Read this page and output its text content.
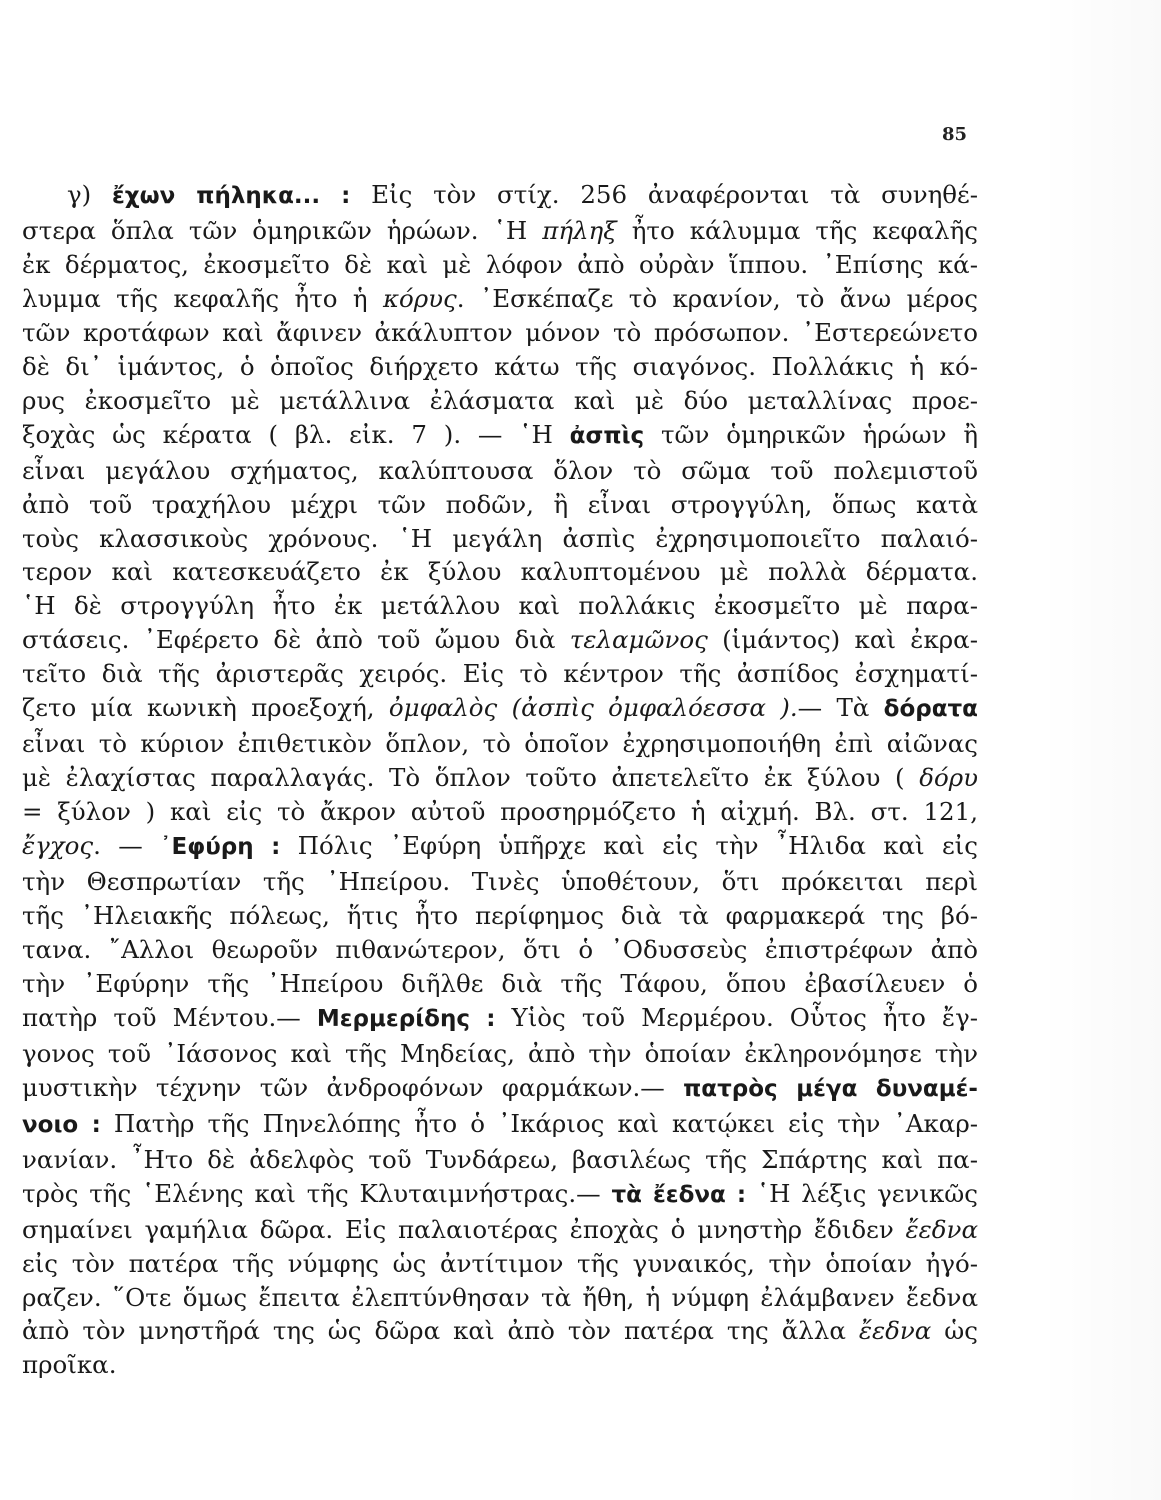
85
γ) ἔχων πήληκα... : Εἰς τὸν στίχ. 256 ἀναφέρονται τὰ συνηθέ-
στερα ὅπλα τῶν ὁμηρικῶν ἡρώων. ῾Η πήληξ ἦτο κάλυμμα τῆς κεφαλῆς
ἐκ δέρματος, ἐκοσμεῖτο δὲ καὶ μὲ λόφον ἀπὸ οὐρὰν ἵππου. ᾿Επίσης κά-
λυμμα τῆς κεφαλῆς ἦτο ἡ κόρυς. ᾿Εσκέπαζε τὸ κρανίον, τὸ ἄνω μέρος
τῶν κροτάφων καὶ ἄφινεν ἀκάλυπτον μόνον τὸ πρόσωπον. ᾿Εστερεώνετο
δὲ δι᾿ ἱμάντος, ὁ ὁποῖος διήρχετο κάτω τῆς σιαγόνος. Πολλάκις ἡ κό-
ρυς ἐκοσμεῖτο μὲ μετάλλινα ἐλάσματα καὶ μὲ δύο μεταλλίνας προε-
ξοχὰς ὡς κέρατα ( βλ. εἰκ. 7 ). — ῾Η ἀσπὶς τῶν ὁμηρικῶν ἡρώων ἢ
εἶναι μεγάλου σχήματος, καλύπτουσα ὅλον τὸ σῶμα τοῦ πολεμιστοῦ
ἀπὸ τοῦ τραχήλου μέχρι τῶν ποδῶν, ἢ εἶναι στρογγύλη, ὅπως κατὰ
τοὺς κλασσικοὺς χρόνους. ῾Η μεγάλη ἀσπὶς ἐχρησιμοποιεῖτο παλαιό-
τερον καὶ κατεσκευάζετο ἐκ ξύλου καλυπτομένου μὲ πολλὰ δέρματα.
῾Η δὲ στρογγύλη ἦτο ἐκ μετάλλου καὶ πολλάκις ἐκοσμεῖτο μὲ παρα-
στάσεις. ᾿Εφέρετο δὲ ἀπὸ τοῦ ὤμου διὰ τελαμῶνος (ἱμάντος) καὶ ἐκρα-
τεῖτο διὰ τῆς ἀριστερᾶς χειρός. Εἰς τὸ κέντρον τῆς ἀσπίδος ἐσχηματί-
ζετο μία κωνικὴ προεξοχή, ὀμφαλὸς (ἀσπὶς ὀμφαλόεσσα ).— Τὰ δόρατα
εἶναι τὸ κύριον ἐπιθετικὸν ὅπλον, τὸ ὁποῖον ἐχρησιμοποιήθη ἐπὶ αἰῶνας
μὲ ἐλαχίστας παραλλαγάς. Τὸ ὅπλον τοῦτο ἀπετελεῖτο ἐκ ξύλου ( δόρυ
= ξύλον ) καὶ εἰς τὸ ἄκρον αὐτοῦ προσηρμόζετο ἡ αἰχμή. Βλ. στ. 121,
ἔγχος. — ᾿Εφύρη : Πόλις ᾿Εφύρη ὑπῆρχε καὶ εἰς τὴν ῏Ηλιδα καὶ εἰς
τὴν Θεσπρωτίαν τῆς ᾿Ηπείρου. Τινὲς ὑποθέτουν, ὅτι πρόκειται περὶ
τῆς ᾿Ηλειακῆς πόλεως, ἥτις ἦτο περίφημος διὰ τὰ φαρμακερά της βό-
τανα. ῎Αλλοι θεωροῦν πιθανώτερον, ὅτι ὁ ᾿Οδυσσεὺς ἐπιστρέφων ἀπὸ
τὴν ᾿Εφύρην τῆς ᾿Ηπείρου διῆλθε διὰ τῆς Τάφου, ὅπου ἐβασίλευεν ὁ
πατὴρ τοῦ Μέντου.— Μερμερίδης : Υἱὸς τοῦ Μερμέρου. Οὗτος ἦτο ἔγ-
γονος τοῦ ᾿Ιάσονος καὶ τῆς Μηδείας, ἀπὸ τὴν ὁποίαν ἐκληρονόμησε τὴν
μυστικὴν τέχνην τῶν ἀνδροφόνων φαρμάκων.— πατρὸς μέγα δυναμέ-
νοιο : Πατὴρ τῆς Πηνελόπης ἦτο ὁ ᾿Ικάριος καὶ κατῴκει εἰς τὴν ᾿Ακαρ-
νανίαν. ῏Ητο δὲ ἀδελφὸς τοῦ Τυνδάρεω, βασιλέως τῆς Σπάρτης καὶ πα-
τρὸς τῆς ῾Ελένης καὶ τῆς Κλυταιμνήστρας.— τὰ ἔεδνα : ῾Η λέξις γενικῶς
σημαίνει γαμήλια δῶρα. Εἰς παλαιοτέρας ἐποχὰς ὁ μνηστὴρ ἔδιδεν ἔεδνα
εἰς τὸν πατέρα τῆς νύμφης ὡς ἀντίτιμον τῆς γυναικός, τὴν ὁποίαν ἠγό-
ραζεν. ῞Οτε ὅμως ἔπειτα ἐλεπτύνθησαν τὰ ἤθη, ἡ νύμφη ἐλάμβανεν ἔεδνα
ἀπὸ τὸν μνηστῆρά της ὡς δῶρα καὶ ἀπὸ τὸν πατέρα της ἄλλα ἔεδνα ὡς
προῖκα.
